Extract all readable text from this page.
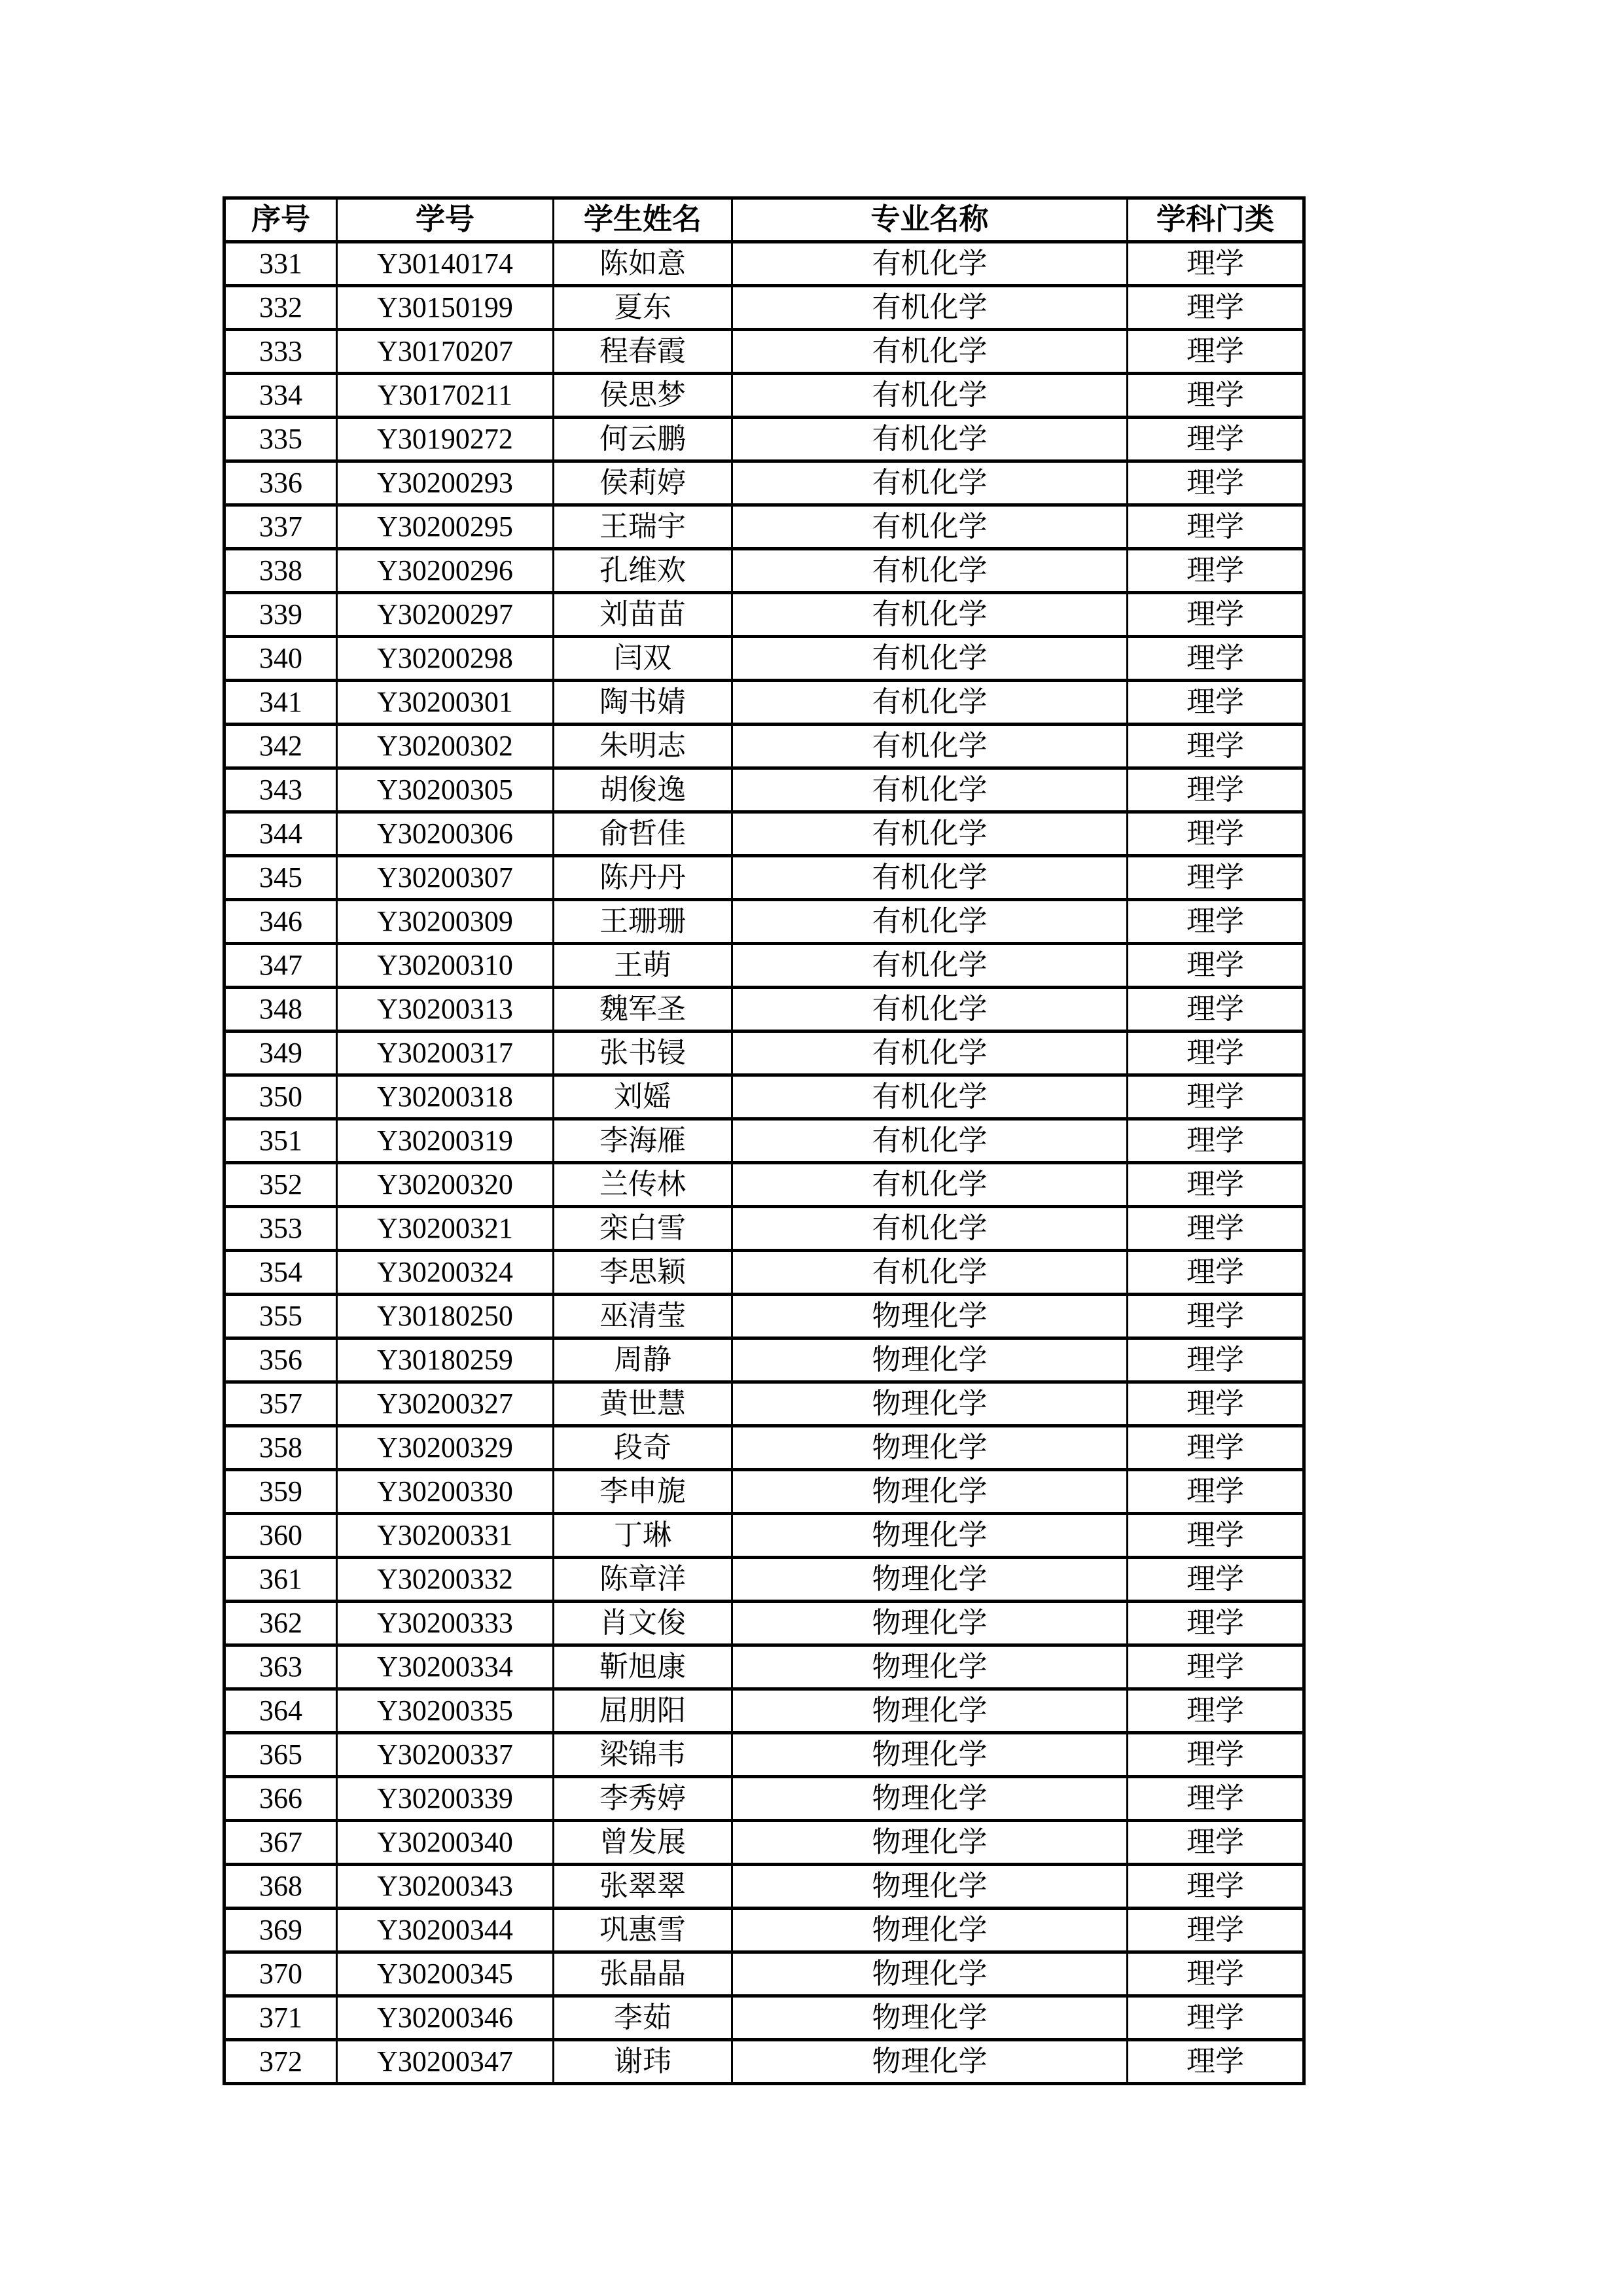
序号	学号	学生姓名	专业名称	学科门类
331	Y30140174	陈如意	有机化学	理学
332	Y30150199	夏东	有机化学	理学
333	Y30170207	程春霞	有机化学	理学
334	Y30170211	侯思梦	有机化学	理学
335	Y30190272	何云鹏	有机化学	理学
336	Y30200293	侯莉婷	有机化学	理学
337	Y30200295	王瑞宇	有机化学	理学
338	Y30200296	孔维欢	有机化学	理学
339	Y30200297	刘苗苗	有机化学	理学
340	Y30200298	闫双	有机化学	理学
341	Y30200301	陶书婧	有机化学	理学
342	Y30200302	朱明志	有机化学	理学
343	Y30200305	胡俊逸	有机化学	理学
344	Y30200306	俞哲佳	有机化学	理学
345	Y30200307	陈丹丹	有机化学	理学
346	Y30200309	王珊珊	有机化学	理学
347	Y30200310	王萌	有机化学	理学
348	Y30200313	魏军圣	有机化学	理学
349	Y30200317	张书锓	有机化学	理学
350	Y30200318	刘媱	有机化学	理学
351	Y30200319	李海雁	有机化学	理学
352	Y30200320	兰传林	有机化学	理学
353	Y30200321	栾白雪	有机化学	理学
354	Y30200324	李思颖	有机化学	理学
355	Y30180250	巫清莹	物理化学	理学
356	Y30180259	周静	物理化学	理学
357	Y30200327	黄世慧	物理化学	理学
358	Y30200329	段奇	物理化学	理学
359	Y30200330	李申旎	物理化学	理学
360	Y30200331	丁琳	物理化学	理学
361	Y30200332	陈章洋	物理化学	理学
362	Y30200333	肖文俊	物理化学	理学
363	Y30200334	靳旭康	物理化学	理学
364	Y30200335	屈朋阳	物理化学	理学
365	Y30200337	梁锦韦	物理化学	理学
366	Y30200339	李秀婷	物理化学	理学
367	Y30200340	曾发展	物理化学	理学
368	Y30200343	张翠翠	物理化学	理学
369	Y30200344	巩惠雪	物理化学	理学
370	Y30200345	张晶晶	物理化学	理学
371	Y30200346	李茹	物理化学	理学
372	Y30200347	谢玮	物理化学	理学
